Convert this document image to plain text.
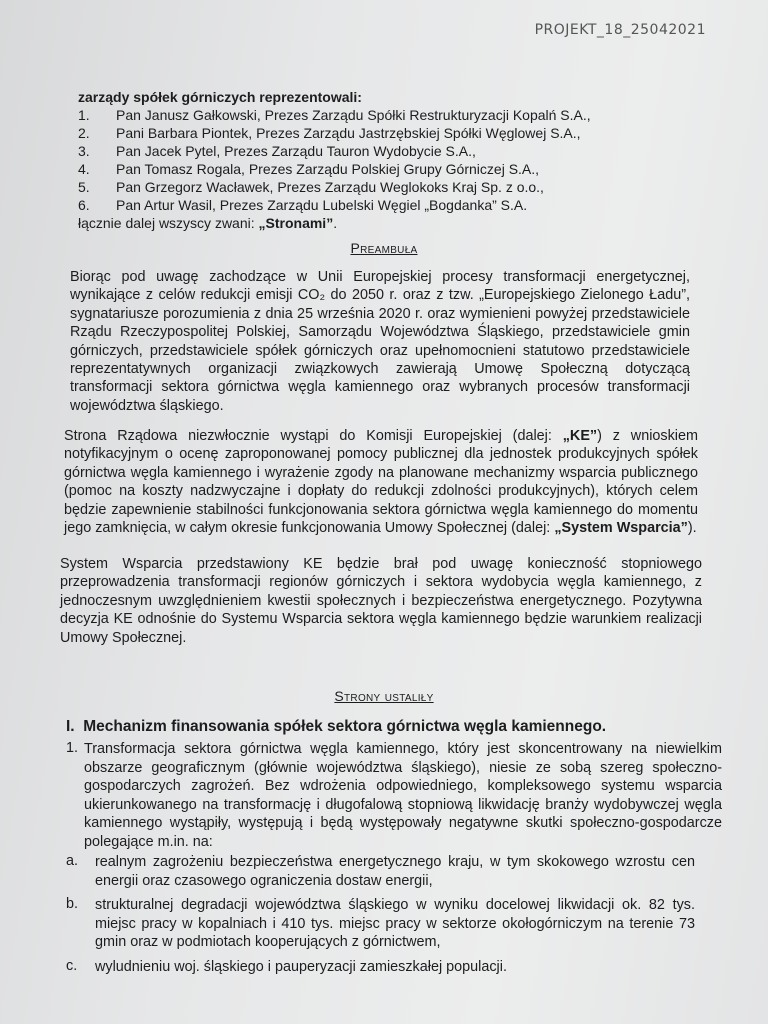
PROJEKT_18_25042021
zarządy spółek górniczych reprezentowali:
1.	Pan Janusz Gałkowski, Prezes Zarządu Spółki Restrukturyzacji Kopalń S.A.,
2.	Pani Barbara Piontek, Prezes Zarządu Jastrzębskiej Spółki Węglowej S.A.,
3.	Pan Jacek Pytel, Prezes Zarządu Tauron Wydobycie S.A.,
4.	Pan Tomasz Rogala, Prezes Zarządu Polskiej Grupy Górniczej S.A.,
5.	Pan Grzegorz Wacławek, Prezes Zarządu Weglokoks Kraj Sp. z o.o.,
6.	Pan Artur Wasil, Prezes Zarządu Lubelski Węgiel „Bogdanka” S.A.
łącznie dalej wszyscy zwani: „Stronami”.
Preambuła
Biorąc pod uwagę zachodzące w Unii Europejskiej procesy transformacji energetycznej, wynikające z celów redukcji emisji CO₂ do 2050 r. oraz z tzw. „Europejskiego Zielonego Ładu”, sygnatariusze porozumienia z dnia 25 września 2020 r. oraz wymienieni powyżej przedstawiciele Rządu Rzeczypospolitej Polskiej, Samorządu Województwa Śląskiego, przedstawiciele gmin górniczych, przedstawiciele spółek górniczych oraz upełnomocnieni statutowo przedstawiciele reprezentatywnych organizacji związkowych zawierają Umowę Społeczną dotyczącą transformacji sektora górnictwa węgla kamiennego oraz wybranych procesów transformacji województwa śląskiego.
Strona Rządowa niezwłocznie wystąpi do Komisji Europejskiej (dalej: „KE”) z wnioskiem notyfikacyjnym o ocenę zaproponowanej pomocy publicznej dla jednostek produkcyjnych spółek górnictwa węgla kamiennego i wyrażenie zgody na planowane mechanizmy wsparcia publicznego (pomoc na koszty nadzwyczajne i dopłaty do redukcji zdolności produkcyjnych), których celem będzie zapewnienie stabilności funkcjonowania sektora górnictwa węgla kamiennego do momentu jego zamknięcia, w całym okresie funkcjonowania Umowy Społecznej (dalej: „System Wsparcia”).
System Wsparcia przedstawiony KE będzie brał pod uwagę konieczność stopniowego przeprowadzenia transformacji regionów górniczych i sektora wydobycia węgla kamiennego, z jednoczesnym uwzględnieniem kwestii społecznych i bezpieczeństwa energetycznego. Pozytywna decyzja KE odnośnie do Systemu Wsparcia sektora węgla kamiennego będzie warunkiem realizacji Umowy Społecznej.
Strony ustaliły
I. Mechanizm finansowania spółek sektora górnictwa węgla kamiennego.
1. Transformacja sektora górnictwa węgla kamiennego, który jest skoncentrowany na niewielkim obszarze geograficznym (głównie województwa śląskiego), niesie ze sobą szereg społeczno-gospodarczych zagrożeń. Bez wdrożenia odpowiedniego, kompleksowego systemu wsparcia ukierunkowanego na transformację i długofalową stopniową likwidację branży wydobywczej węgla kamiennego wystąpiły, występują i będą występowały negatywne skutki społeczno-gospodarcze polegające m.in. na:
a. realnym zagrożeniu bezpieczeństwa energetycznego kraju, w tym skokowego wzrostu cen energii oraz czasowego ograniczenia dostaw energii,
b. strukturalnej degradacji województwa śląskiego w wyniku docelowej likwidacji ok. 82 tys. miejsc pracy w kopalniach i 410 tys. miejsc pracy w sektorze okołogórniczym na terenie 73 gmin oraz w podmiotach kooperujących z górnictwem,
c. wyludnieniu woj. śląskiego i pauperyzacji zamieszkałej populacji.
